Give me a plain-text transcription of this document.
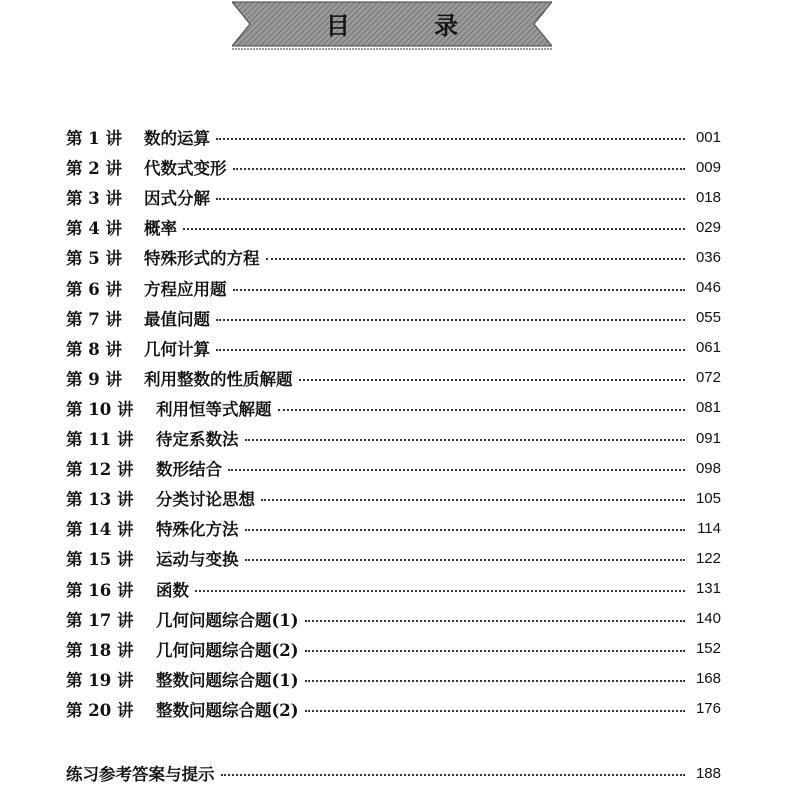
目 录
第 1 讲	数的运算	001
第 2 讲	代数式变形	009
第 3 讲	因式分解	018
第 4 讲	概率	029
第 5 讲	特殊形式的方程	036
第 6 讲	方程应用题	046
第 7 讲	最值问题	055
第 8 讲	几何计算	061
第 9 讲	利用整数的性质解题	072
第 10 讲	利用恒等式解题	081
第 11 讲	待定系数法	091
第 12 讲	数形结合	098
第 13 讲	分类讨论思想	105
第 14 讲	特殊化方法	114
第 15 讲	运动与变换	122
第 16 讲	函数	131
第 17 讲	几何问题综合题(1)	140
第 18 讲	几何问题综合题(2)	152
第 19 讲	整数问题综合题(1)	168
第 20 讲	整数问题综合题(2)	176
练习参考答案与提示	188
